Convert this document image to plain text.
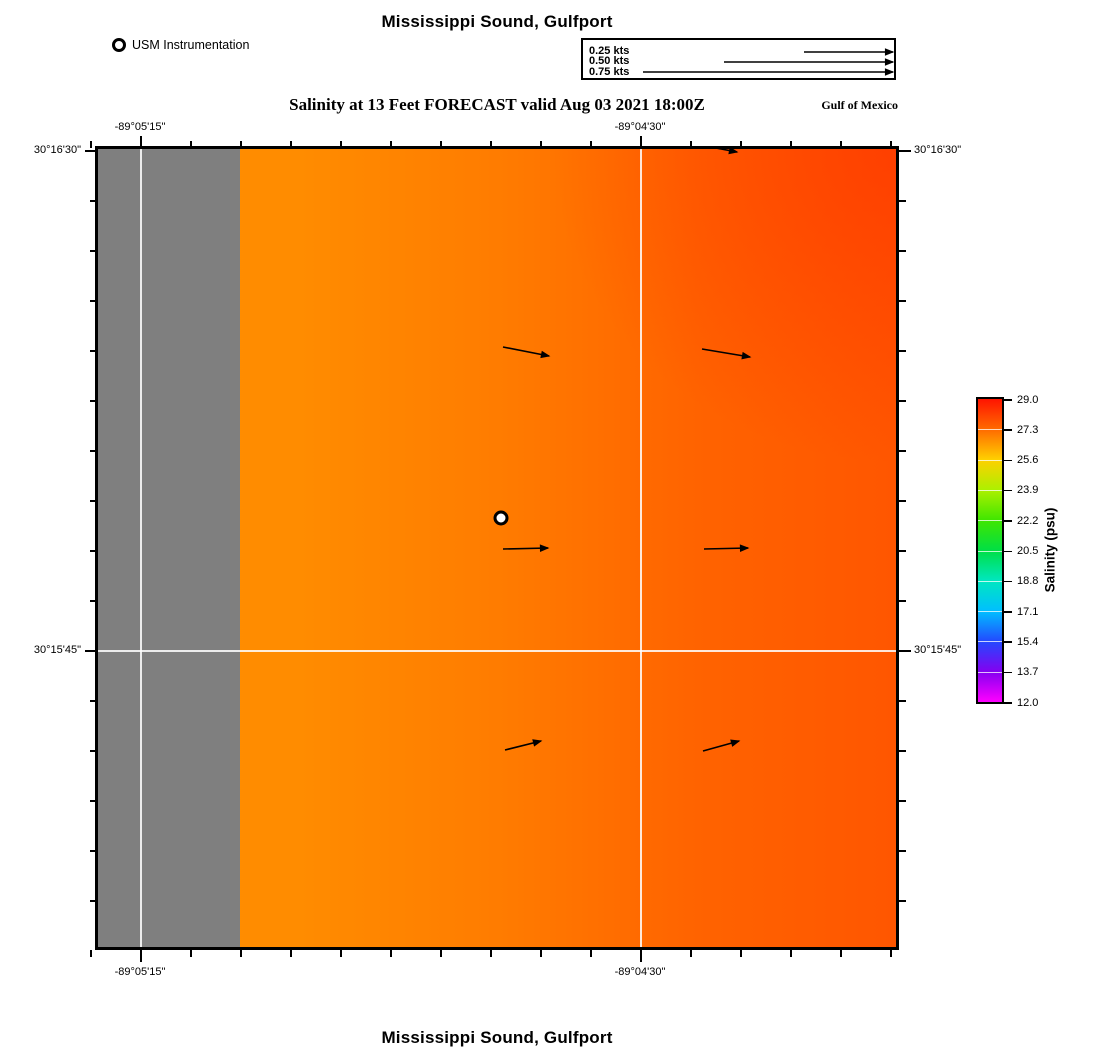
Mississippi Sound, Gulfport
USM Instrumentation	0.25 kts
0.50 kts
0.75 kts
Salinity at 13 Feet FORECAST valid Aug 03 2021 18:00Z	Gulf of Mexico
-89°05'15"	-89°04'30"
-89°05'15"	-89°04'30"
30°16'30"
30°15'45"
30°16'30"
30°15'45"
29.0
27.3
25.6
23.9
22.2
20.5
18.8
17.1
15.4
13.7
12.0
Salinity (psu)
Mississippi Sound, Gulfport
